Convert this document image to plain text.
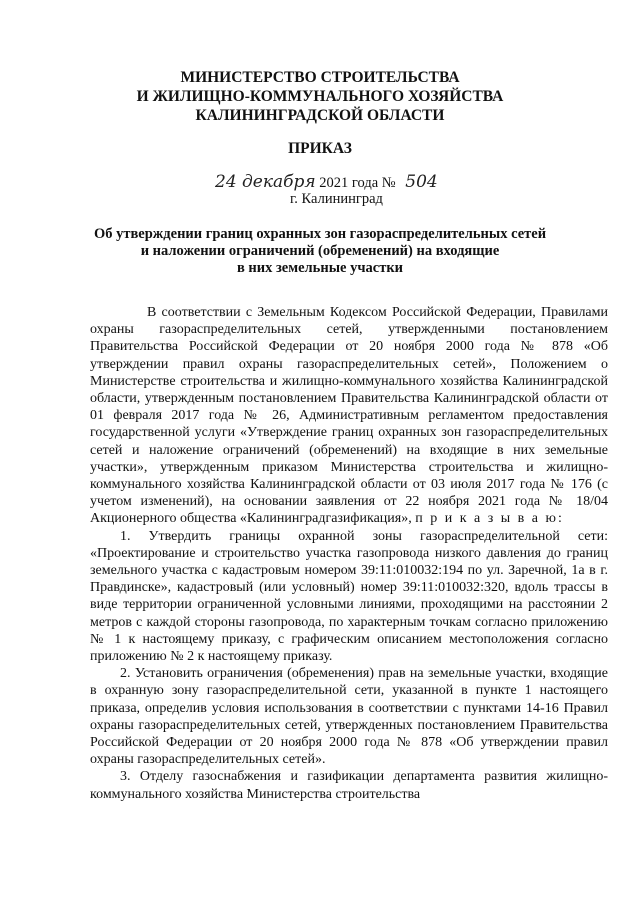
МИНИСТЕРСТВО СТРОИТЕЛЬСТВА
И ЖИЛИЩНО-КОММУНАЛЬНОГО ХОЗЯЙСТВА
КАЛИНИНГРАДСКОЙ ОБЛАСТИ
ПРИКАЗ
24 декабря 2021 года № 504
г. Калининград
Об утверждении границ охранных зон газораспределительных сетей
и наложении ограничений (обременений) на входящие
в них земельные участки

В соответствии с Земельным Кодексом Российской Федерации, Правилами охраны газораспределительных сетей, утвержденными постановлением Правительства Российской Федерации от 20 ноября 2000 года № 878 «Об утверждении правил охраны газораспределительных сетей», Положением о Министерстве строительства и жилищно-коммунального хозяйства Калининградской области, утвержденным постановлением Правительства Калининградской области от 01 февраля 2017 года № 26, Административным регламентом предоставления государственной услуги «Утверждение границ охранных зон газораспределительных сетей и наложение ограничений (обременений) на входящие в них земельные участки», утвержденным приказом Министерства строительства и жилищно-коммунального хозяйства Калининградской области от 03 июля 2017 года № 176 (с учетом изменений), на основании заявления от 22 ноября 2021 года № 18/04 Акционерного общества «Калининградгазификация», п р и к а з ы в а ю:

1. Утвердить границы охранной зоны газораспределительной сети: «Проектирование и строительство участка газопровода низкого давления до границ земельного участка с кадастровым номером 39:11:010032:194 по ул. Заречной, 1а в г. Правдинске», кадастровый (или условный) номер 39:11:010032:320, вдоль трассы в виде территории ограниченной условными линиями, проходящими на расстоянии 2 метров с каждой стороны газопровода, по характерным точкам согласно приложению № 1 к настоящему приказу, с графическим описанием местоположения согласно приложению № 2 к настоящему приказу.

2. Установить ограничения (обременения) прав на земельные участки, входящие в охранную зону газораспределительной сети, указанной в пункте 1 настоящего приказа, определив условия использования в соответствии с пунктами 14-16 Правил охраны газораспределительных сетей, утвержденных постановлением Правительства Российской Федерации от 20 ноября 2000 года № 878 «Об утверждении правил охраны газораспределительных сетей».

3. Отделу газоснабжения и газификации департамента развития жилищно-коммунального хозяйства Министерства строительства
